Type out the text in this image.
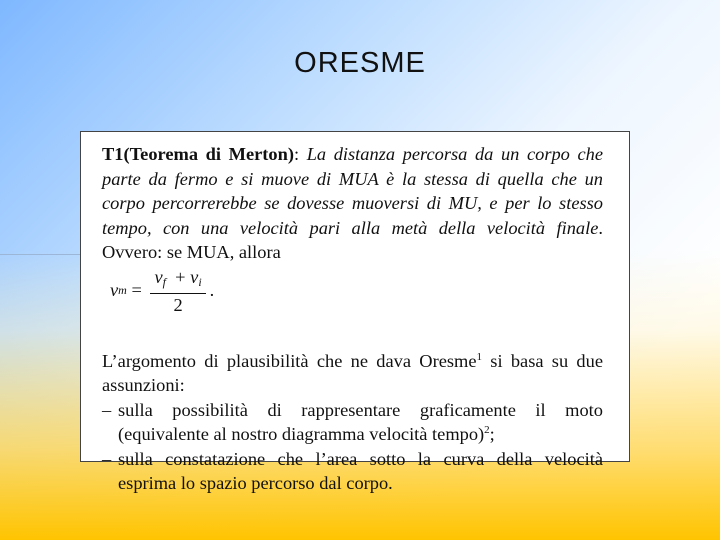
ORESME

T1(Teorema di Merton): La distanza percorsa da un corpo che parte da fermo e si muove di MUA è la stessa di quella che un corpo percorrerebbe se dovesse muoversi di MU, e per lo stesso tempo, con una velocità pari alla metà della velocità finale. Ovvero: se MUA, allora

v m
=
$\frac{v_f + v_i}{2}$ .

L’argomento di plausibilità che ne dava Oresme$^1$ si basa su due assunzioni:

– sulla possibilità di rappresentare graficamente il moto (equivalente al nostro diagramma velocità tempo)$^2$;
– sulla constatazione che l’area sotto la curva della velocità esprima lo spazio percorso dal corpo.
